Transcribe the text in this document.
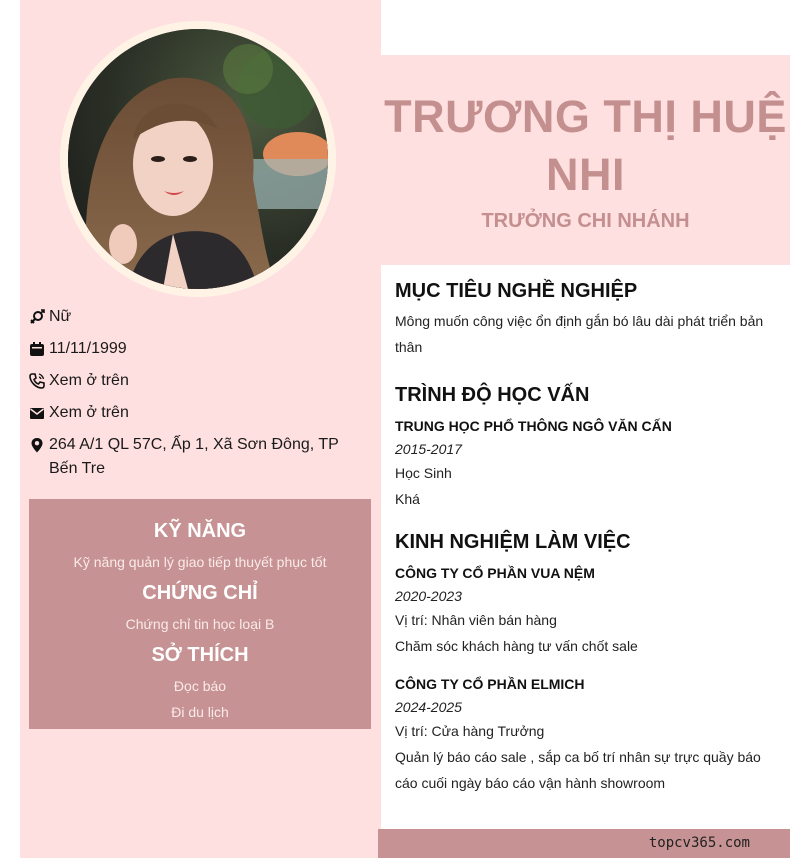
TRƯƠNG THỊ HUỆ NHI
TRƯỞNG CHI NHÁNH
Nữ
11/11/1999
Xem ở trên
Xem ở trên
264 A/1 QL 57C, Ấp 1, Xã Sơn Đông, TP Bến Tre
KỸ NĂNG

Kỹ năng quản lý giao tiếp thuyết phục tốt

CHỨNG CHỈ

Chứng chỉ tin học loại B

SỞ THÍCH

Đọc báo

Đi du lịch

MỤC TIÊU NGHỀ NGHIỆP
Mông muốn công việc ổn định gắn bó lâu dài phát triển bản thân
TRÌNH ĐỘ HỌC VẤN
TRUNG HỌC PHỔ THÔNG NGÔ VĂN CẤN
2015-2017
Học Sinh
Khá
KINH NGHIỆM LÀM VIỆC
CÔNG TY CỔ PHẦN VUA NỆM
2020-2023
Vị trí: Nhân viên bán hàng
Chăm sóc khách hàng tư vấn chốt sale
CÔNG TY CỔ PHẦN ELMICH
2024-2025
Vị trí: Cửa hàng Trưởng
Quản lý báo cáo sale , sắp ca bố trí nhân sự trực quầy báo cáo cuối ngày báo cáo vận hành showroom
topcv365.com
